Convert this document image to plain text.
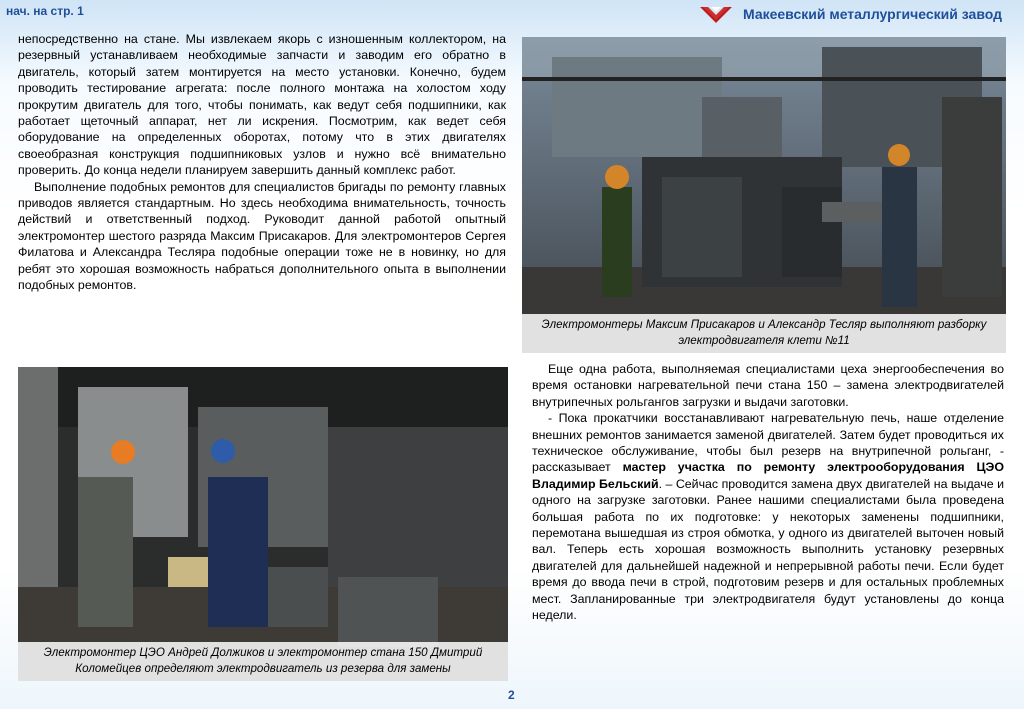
нач. на стр. 1	Макеевский металлургический завод

непосредственно на стане. Мы извлекаем якорь с изношенным коллектором, на резервный устанавливаем необходимые запчасти и заводим его обратно в двигатель, который затем монтируется на место установки. Конечно, будем проводить тестирование агрегата: после полного монтажа на холостом ходу прокрутим двигатель для того, чтобы понимать, как ведут себя подшипники, как работает щеточный аппарат, нет ли искрения. Посмотрим, как ведет себя оборудование на определенных оборотах, потому что в этих двигателях своеобразная конструкция подшипниковых узлов и нужно всё внимательно проверить. До конца недели планируем завершить данный комплекс работ.

Выполнение подобных ремонтов для специалистов бригады по ремонту главных приводов является стандартным. Но здесь необходима внимательность, точность действий и ответственный подход. Руководит данной работой опытный электромонтер шестого разряда Максим Присакаров. Для электромонтеров Сергея Филатова и Александра Тесляра подобные операции тоже не в новинку, но для ребят это хорошая возможность набраться дополнительного опыта в выполнении подобных ремонтов.

Электромонтеры Максим Присакаров и Александр Тесляр выполняют разборку электродвигателя клети №11
Электромонтер ЦЭО Андрей Должиков и электромонтер стана 150 Дмитрий Коломейцев определяют электродвигатель из резерва для замены

Еще одна работа, выполняемая специалистами цеха энергообеспечения во время остановки нагревательной печи стана 150 – замена электродвигателей внутрипечных рольгангов загрузки и выдачи заготовки.

- Пока прокатчики восстанавливают нагревательную печь, наше отделение внешних ремонтов занимается заменой двигателей. Затем будет проводиться их техническое обслуживание, чтобы был резерв на внутрипечной рольганг, - рассказывает мастер участка по ремонту электрооборудования ЦЭО Владимир Бельский. – Сейчас проводится замена двух двигателей на выдаче и одного на загрузке заготовки. Ранее нашими специалистами была проведена большая работа по их подготовке: у некоторых заменены подшипники, перемотана вышедшая из строя обмотка, у одного из двигателей выточен новый вал. Теперь есть хорошая возможность выполнить установку резервных двигателей для дальнейшей надежной и непрерывной работы печи. Если будет время до ввода печи в строй, подготовим резерв и для остальных проблемных мест. Запланированные три электродвигателя будут установлены до конца недели.

2
